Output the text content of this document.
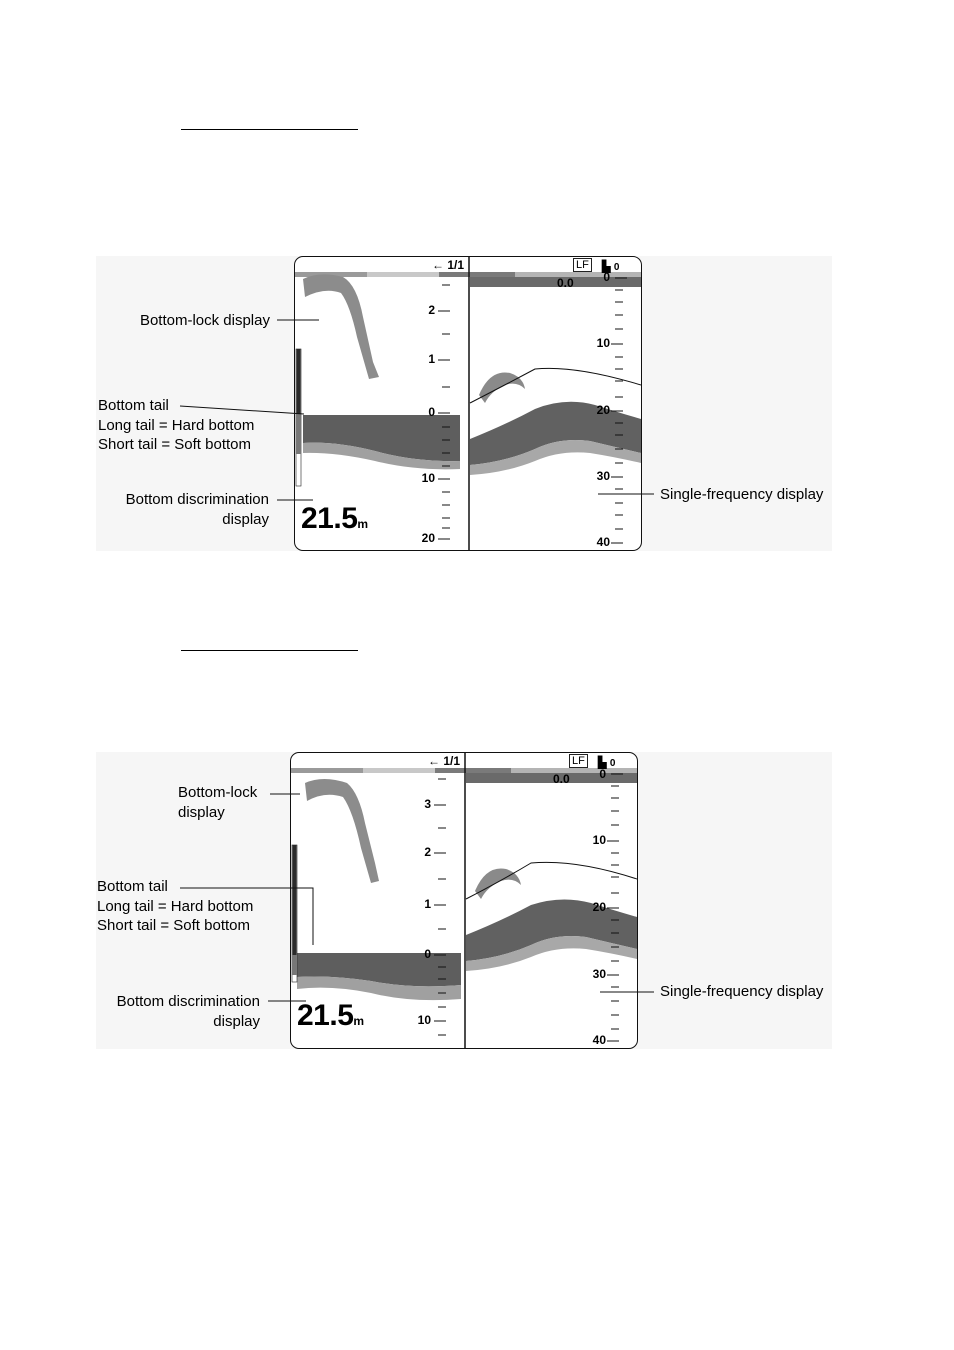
← 1/1	LF ▙ 0
0.0
2
1
0
10
20
0
10
20
30
40
21.5m
Bottom-lock display
Bottom tail
Long tail = Hard bottom
Short tail = Soft bottom
Bottom discrimination
display
Single-frequency display
← 1/1	LF ▙ 0
0.0
3
2
1
0
10
0
10
20
30
40
21.5m
Bottom-lock
display
Bottom tail
Long tail = Hard bottom
Short tail = Soft bottom
Bottom discrimination
display
Single-frequency display
